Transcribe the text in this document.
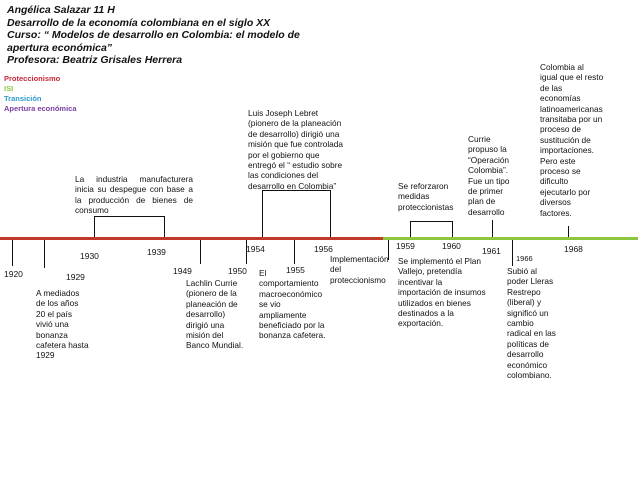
Angélica Salazar 11 H
Desarrollo de la economía colombiana en el siglo XX
Curso: “ Modelos de desarrollo en Colombia: el modelo de
apertura económica”
Profesora: Beatriz Grisales Herrera
Proteccionismo
ISI
Transición
Apertura económica
1920	1929
1930	1939
1949	1950
1954
1955
1956	1959	1960 1961
1966
1968
A mediados
de los años
20 el país
vivió una
bonanza
cafetera hasta
1929
La industria manufacturera inicia su despegue con base a la producción de bienes de consumo
Lachlin Currie
(pionero de la
planeación de
desarrollo)
dirigió una
misión del
Banco Mundial.
El
comportamiento
macroeconómico
se vio
ampliamente
beneficiado por la
bonanza cafetera.
Luis Joseph Lebret
(pionero de la planeación
de desarrollo) dirigió una
misión que fue controlada
por el gobierno que
entregó el “ estudio sobre
las condiciones del
desarrollo en Colombia”
Implementación
del
proteccionismo
Se reforzaron
medidas
proteccionistas
Se implementó el Plan
Vallejo, pretendía
incentivar la
importación de insumos
utilizados en bienes
destinados a la
exportación.
Currie
propuso la
“Operación
Colombia”.
Fue un tipo
de primer
plan de
desarrollo
Subió al
poder Lleras
Restrepo
(liberal) y
significó un
cambio
radical en las
políticas de
desarrollo
económico
colombiano.
Colombia al
igual que el resto
de las
economías
latinoamericanas
transitaba por un
proceso de
sustitución de
importaciones.
Pero este
proceso se
dificulto
ejecutarlo por
diversos
factores.
